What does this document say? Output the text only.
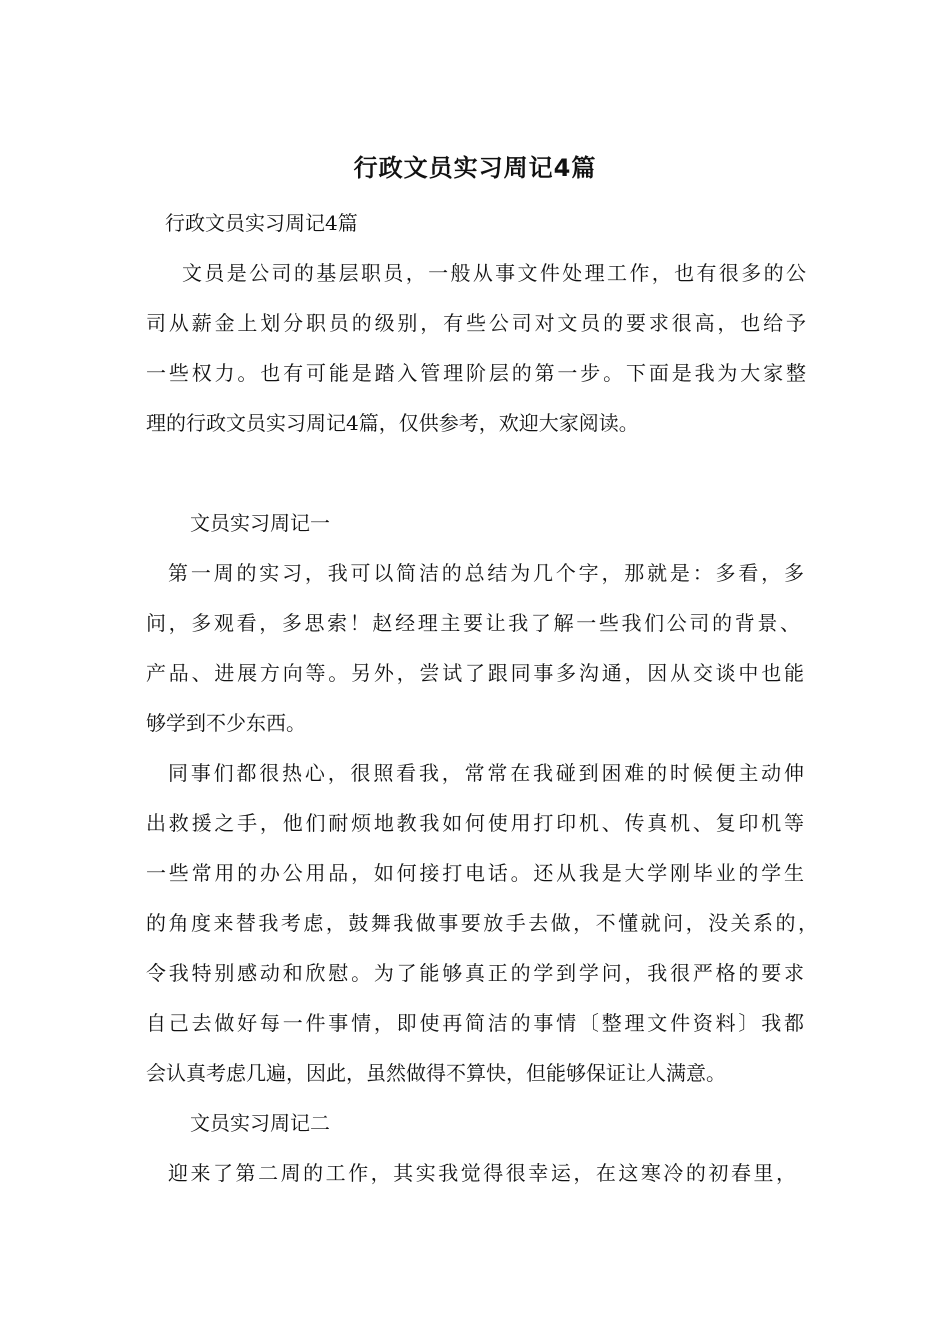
行政文员实习周记4篇

行政文员实习周记4篇

文员是公司的基层职员，一般从事文件处理工作，也有很多的公

司从薪金上划分职员的级别，有些公司对文员的要求很高，也给予

一些权力。也有可能是踏入管理阶层的第一步。下面是我为大家整

理的行政文员实习周记4篇，仅供参考，欢迎大家阅读。

文员实习周记一

第一周的实习，我可以简洁的总结为几个字，那就是：多看，多

问，多观看，多思索！赵经理主要让我了解一些我们公司的背景、

产品、进展方向等。另外，尝试了跟同事多沟通，因从交谈中也能

够学到不少东西。

同事们都很热心，很照看我，常常在我碰到困难的时候便主动伸

出救援之手，他们耐烦地教我如何使用打印机、传真机、复印机等

一些常用的办公用品，如何接打电话。还从我是大学刚毕业的学生

的角度来替我考虑，鼓舞我做事要放手去做，不懂就问，没关系的，

令我特别感动和欣慰。为了能够真正的学到学问，我很严格的要求

自己去做好每一件事情，即使再简洁的事情〔整理文件资料〕我都

会认真考虑几遍，因此，虽然做得不算快，但能够保证让人满意。

文员实习周记二

迎来了第二周的工作，其实我觉得很幸运，在这寒冷的初春里，
